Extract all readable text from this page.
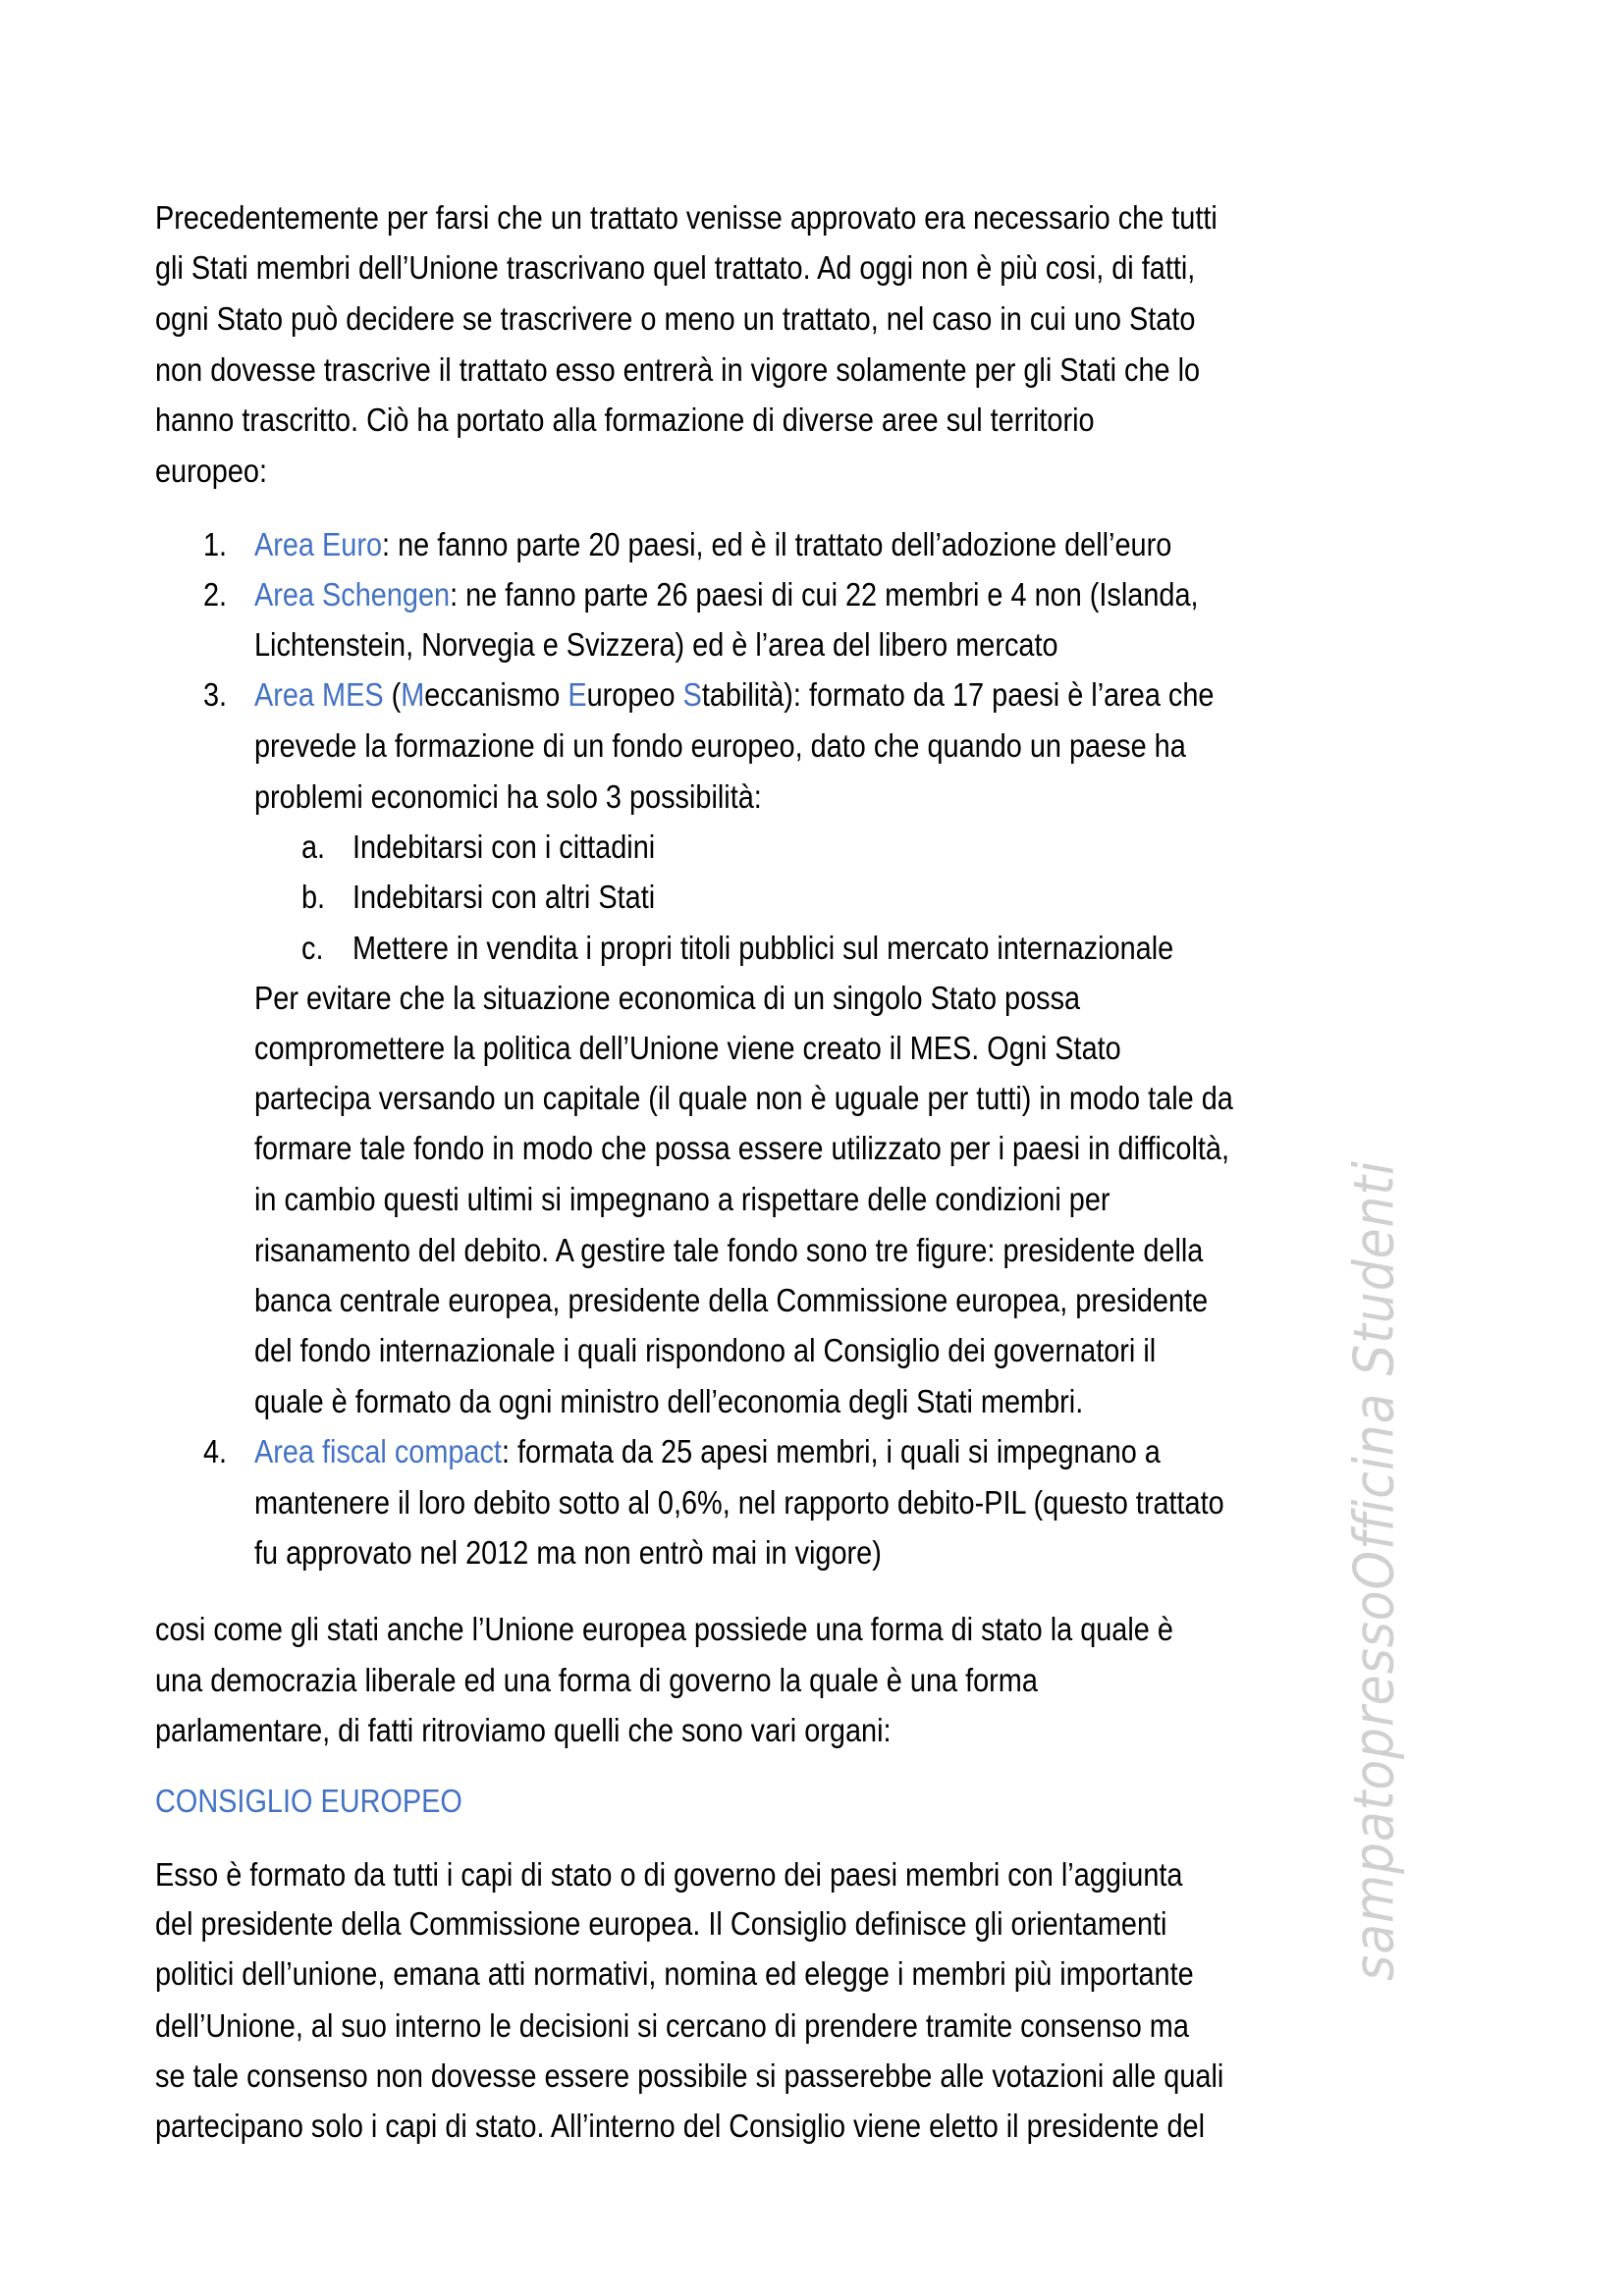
Precedentemente per farsi che un trattato venisse approvato era necessario che tutti
gli Stati membri dell’Unione trascrivano quel trattato. Ad oggi non è più cosi, di fatti,
ogni Stato può decidere se trascrivere o meno un trattato, nel caso in cui uno Stato
non dovesse trascrive il trattato esso entrerà in vigore solamente per gli Stati che lo
hanno trascritto. Ciò ha portato alla formazione di diverse aree sul territorio
europeo:
1. Area Euro: ne fanno parte 20 paesi, ed è il trattato dell’adozione dell’euro
2. Area Schengen: ne fanno parte 26 paesi di cui 22 membri e 4 non (Islanda,
Lichtenstein, Norvegia e Svizzera) ed è l’area del libero mercato
3. Area MES (Meccanismo Europeo Stabilità): formato da 17 paesi è l’area che
prevede la formazione di un fondo europeo, dato che quando un paese ha
problemi economici ha solo 3 possibilità:
a. Indebitarsi con i cittadini
b. Indebitarsi con altri Stati
c. Mettere in vendita i propri titoli pubblici sul mercato internazionale
Per evitare che la situazione economica di un singolo Stato possa
compromettere la politica dell’Unione viene creato il MES. Ogni Stato
partecipa versando un capitale (il quale non è uguale per tutti) in modo tale da
formare tale fondo in modo che possa essere utilizzato per i paesi in difficoltà,
in cambio questi ultimi si impegnano a rispettare delle condizioni per
risanamento del debito. A gestire tale fondo sono tre figure: presidente della
banca centrale europea, presidente della Commissione europea, presidente
del fondo internazionale i quali rispondono al Consiglio dei governatori il
quale è formato da ogni ministro dell’economia degli Stati membri.
4. Area fiscal compact: formata da 25 apesi membri, i quali si impegnano a
mantenere il loro debito sotto al 0,6%, nel rapporto debito-PIL (questo trattato
fu approvato nel 2012 ma non entrò mai in vigore)
cosi come gli stati anche l’Unione europea possiede una forma di stato la quale è
una democrazia liberale ed una forma di governo la quale è una forma
parlamentare, di fatti ritroviamo quelli che sono vari organi:
CONSIGLIO EUROPEO
Esso è formato da tutti i capi di stato o di governo dei paesi membri con l’aggiunta
del presidente della Commissione europea. Il Consiglio definisce gli orientamenti
politici dell’unione, emana atti normativi, nomina ed elegge i membri più importante
dell’Unione, al suo interno le decisioni si cercano di prendere tramite consenso ma
se tale consenso non dovesse essere possibile si passerebbe alle votazioni alle quali
partecipano solo i capi di stato. All’interno del Consiglio viene eletto il presidente del
sampatopressoOfficina Studenti
